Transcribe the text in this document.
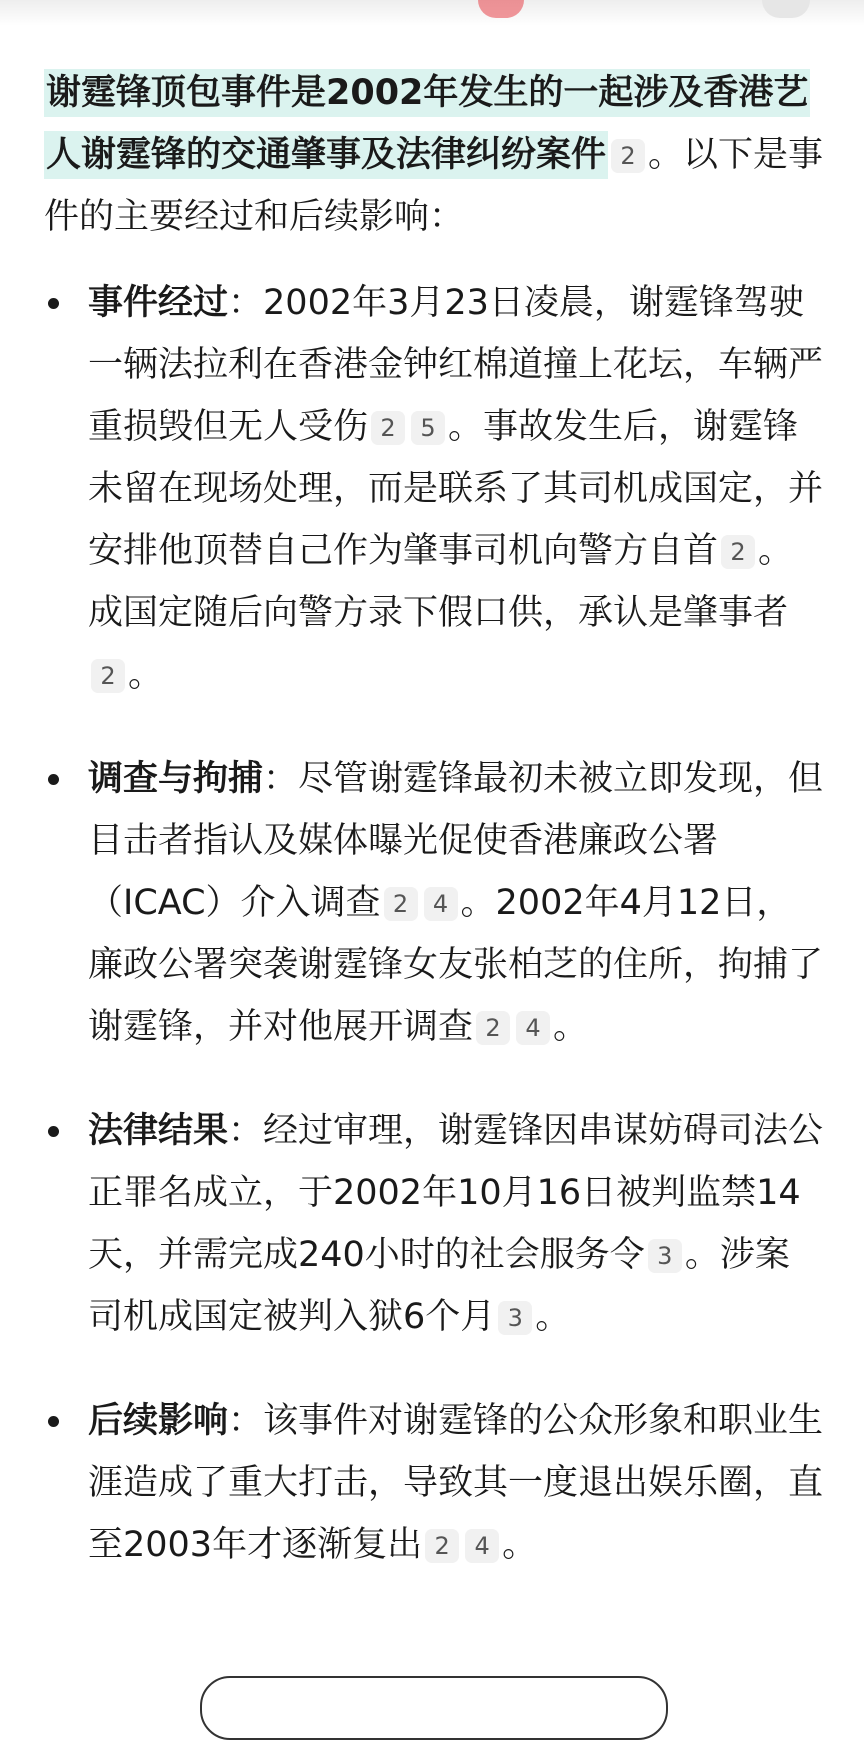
谢霆锋顶包事件是2002年发生的一起涉及香港艺人谢霆锋的交通肇事及法律纠纷案件 2 。以下是事件的主要经过和后续影响：

事件经过：2002年3月23日凌晨，谢霆锋驾驶一辆法拉利在香港金钟红棉道撞上花坛，车辆严重损毁但无人受伤 2 5 。事故发生后，谢霆锋未留在现场处理，而是联系了其司机成国定，并安排他顶替自己作为肇事司机向警方自首 2 。成国定随后向警方录下假口供，承认是肇事者2 。
调查与拘捕：尽管谢霆锋最初未被立即发现，但目击者指认及媒体曝光促使香港廉政公署（ICAC）介入调查 2 4 。2002年4月12日，廉政公署突袭谢霆锋女友张柏芝的住所，拘捕了谢霆锋，并对他展开调查 2 4 。
法律结果：经过审理，谢霆锋因串谋妨碍司法公正罪名成立，于2002年10月16日被判监禁14天，并需完成240小时的社会服务令 3 。涉案司机成国定被判入狱6个月 3 。
后续影响：该事件对谢霆锋的公众形象和职业生涯造成了重大打击，导致其一度退出娱乐圈，直至2003年才逐渐复出 2 4 。
